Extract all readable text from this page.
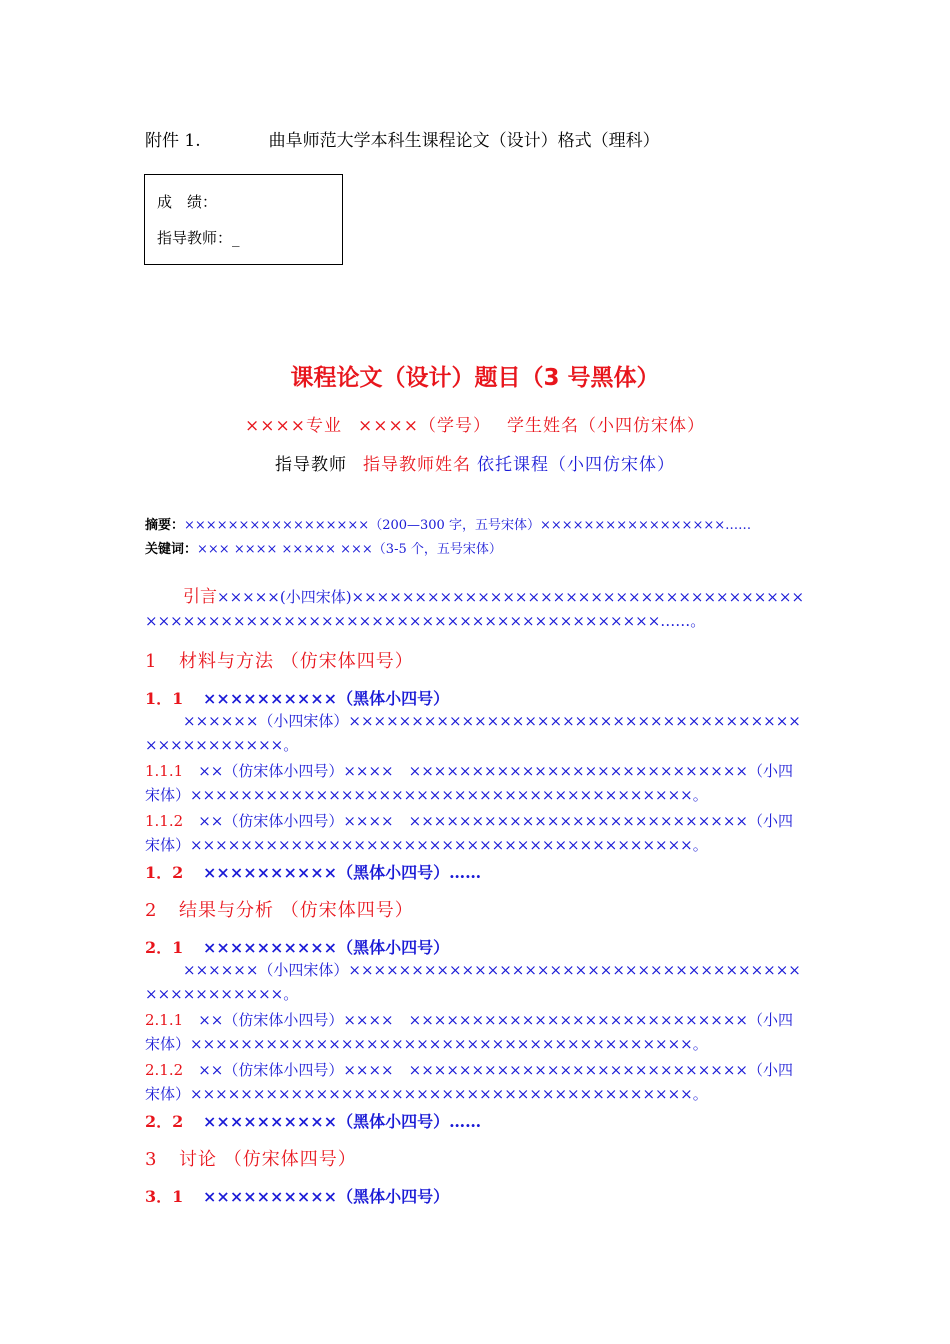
附件 1.	曲阜师范大学本科生课程论文（设计）格式（理科）
成　绩：
指导教师：_
课程论文（设计）题目（3 号黑体）
××××专业 ××××（学号） 学生姓名（小四仿宋体）
指导教师 指导教师姓名 依托课程（小四仿宋体）
摘要：×××××××××××××××××（200—300 字，五号宋体）×××××××××××××××××……
关键词：××× ×××× ××××× ×××（3-5 个，五号宋体）
引言×××××(小四宋体)×××××××××××××××××××××××××××××××××××××××××××××××××××××××××××××××××××××××××××××……。
1 材料与方法 （仿宋体四号）
1．1 ××××××××××（黑体小四号）
××××××（小四宋体）×××××××××××××××××××××××××××××××××××××××××××××××。
1.1.1　 ××（仿宋体小四号）××××　 ×××××××××××××××××××××××××××（小四宋体）××××××××××××××××××××××××××××××××××××××××。
1.1.2　 ××（仿宋体小四号）××××　 ×××××××××××××××××××××××××××（小四宋体）××××××××××××××××××××××××××××××××××××××××。
1．2 ××××××××××（黑体小四号）……
2 结果与分析 （仿宋体四号）
2．1 ××××××××××（黑体小四号）
××××××（小四宋体）×××××××××××××××××××××××××××××××××××××××××××××××。
2.1.1　 ××（仿宋体小四号）××××　 ×××××××××××××××××××××××××××（小四宋体）××××××××××××××××××××××××××××××××××××××××。
2.1.2　 ××（仿宋体小四号）××××　 ×××××××××××××××××××××××××××（小四宋体）××××××××××××××××××××××××××××××××××××××××。
2．2 ××××××××××（黑体小四号）……
3 讨论 （仿宋体四号）
3．1 ××××××××××（黑体小四号）
